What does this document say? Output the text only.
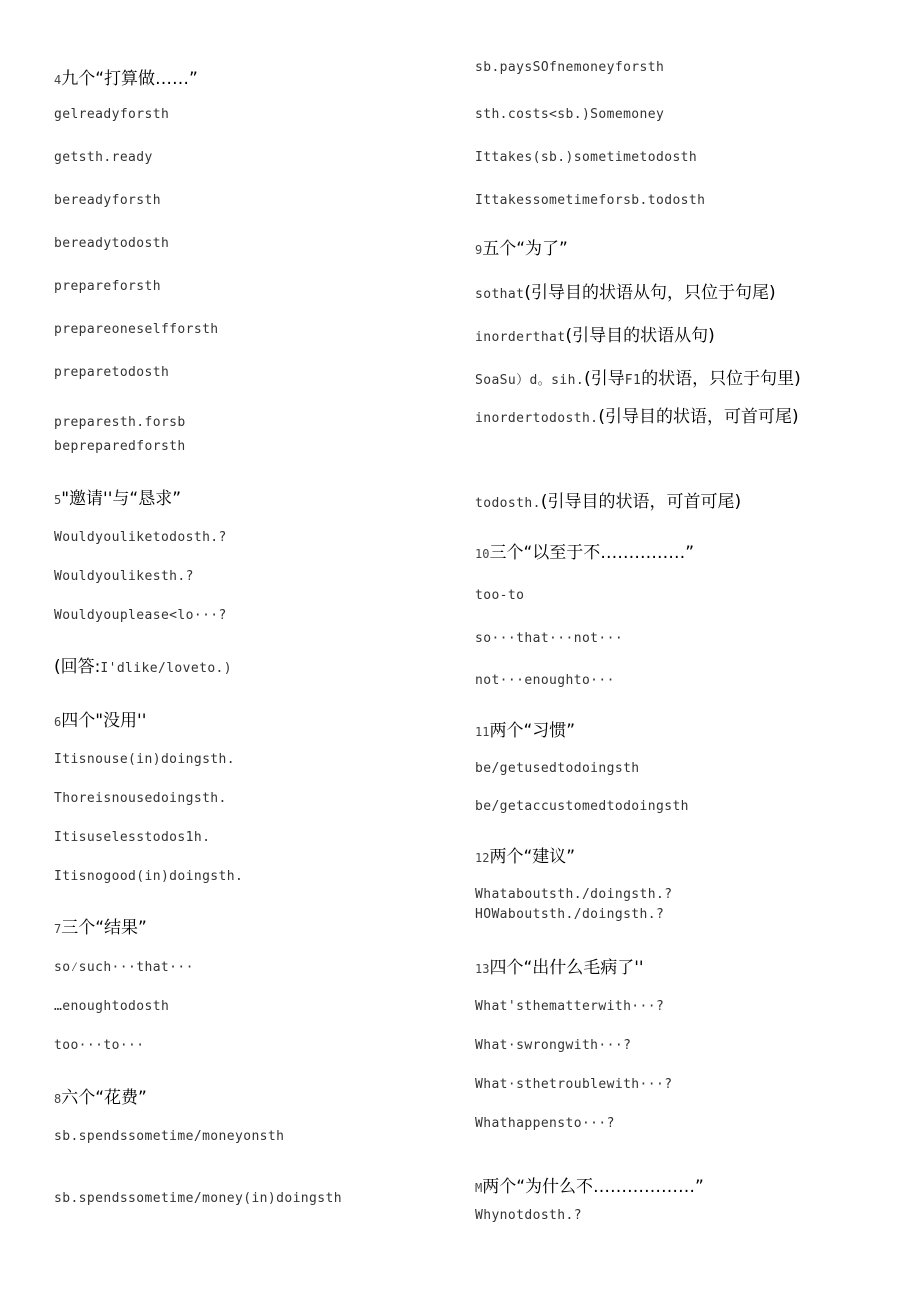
4九个“打算做……”
gelreadyforsth
getsth.ready
bereadyforsth
bereadytodosth
prepareforsth
prepareoneselfforsth
preparetodosth
preparesth.forsb
bepreparedforsth
5"邀请''与“恳求”
Wouldyouliketodosth.?
Wouldyoulikesth.?
Wouldyouplease<lo···?
(回答:I'dlike/loveto.)
6四个"没用''
Itisnouse(in)doingsth.
Thoreisnousedoingsth.
Itisuselesstodos1h.
Itisnogood(in)doingsth.
7三个“结果”
so⁄such···that···
…enoughtodosth
too···to···
8六个“花费”
sb.spendssometime/moneyonsth
sb.spendssometime/money(in)doingsth
sb.paysSOfnemoneyforsth
sth.costs<sb.)Somemoney
Ittakes(sb.)sometimetodosth
Ittakessometimeforsb.todosth
9五个“为了”
sothat(引导目的状语从句，只位于句尾)
inorderthat(引导目的状语从句)
SoaSu）d。sih.(引导F1的状语，只位于句里)
inordertodosth.(引导目的状语，可首可尾)
todosth.(引导目的状语，可首可尾)
10三个“以至于不……………”
too-to
so···that···not···
not···enoughto···
11两个“习惯”
be/getusedtodoingsth
be/getaccustomedtodoingsth
12两个“建议”
Whataboutsth./doingsth.?
HOWaboutsth./doingsth.?
13四个“出什么毛病了''
What'sthematterwith···?
What⋅swrongwith···?
What⋅sthetroublewith···?
Whathappensto···?
M两个“为什么不………………”
Whynotdosth.?
